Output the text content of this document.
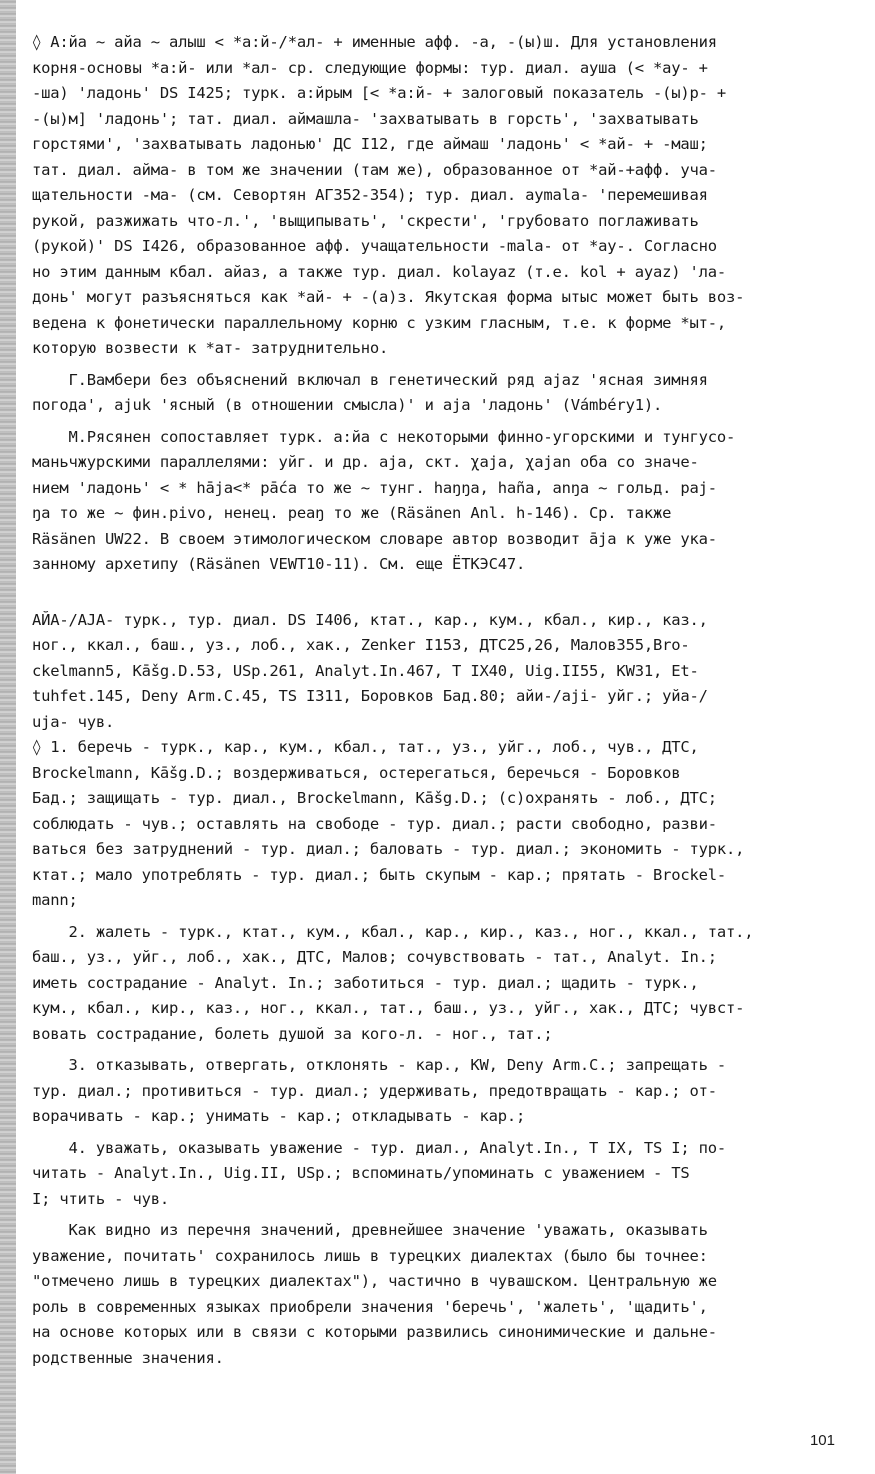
◊ А:йа ~ айа ~ алыш < *а:й-/*ал- + именные афф. -а, -(ы)ш. Для установления
корня-основы *а:й- или *ал- ср. следующие формы: тур. диал. ауша (< *ау- +
-ша) 'ладонь' DS I425; турк. а:йрым [< *а:й- + залоговый показатель -(ы)р- +
-(ы)м] 'ладонь'; тат. диал. аймашла- 'захватывать в горсть', 'захватывать
горстями', 'захватывать ладонью' ДС I12, где аймаш 'ладонь' < *ай- + -маш;
тат. диал. айма- в том же значении (там же), образованное от *ай-+афф. уча-
щательности -ма- (см. Севортян АГ352-354); тур. диал. aymala- 'перемешивая
рукой, разжижать что-л.', 'выщипывать', 'скрести', 'грубовато поглаживать
(рукой)' DS I426, образованное афф. учащательности -mala- от *ay-. Согласно
но этим данным кбал. айаз, а также тур. диал. kolayaz (т.е. kol + ayaz) 'ла-
донь' могут разъясняться как *ай- + -(а)з. Якутская форма ытыс может быть воз-
ведена к фонетически параллельному корню с узким гласным, т.е. к форме *ыт-,
которую возвести к *ат- затруднительно.
Г.Вамбери без объяснений включал в генетический ряд ajaz 'ясная зимняя
погода', ajuk 'ясный (в отношении смысла)' и aja 'ладонь' (Vámbéry1).
М.Рясянен сопоставляет турк. а:йа с некоторыми финно-угорскими и тунгусо-
маньчжурскими параллелями: уйг. и др. aja, скт. χaja, χajan оба со значе-
нием 'ладонь' < * hāja<* pāća то же ~ тунг. haŋŋa, haña, anŋa ~ гольд. paj-
ŋa то же ~ фин.pivo, ненец. peaŋ то же (Räsänen Anl. h-146). Ср. также
Räsänen UW22. В своем этимологическом словаре автор возводит āja к уже ука-
занному архетипу (Räsänen VEWT10-11). См. еще ЁТКЭС47.
АЙА-/AJA- турк., тур. диал. DS I406, ктат., кар., кум., кбал., кир., каз.,
ног., ккал., баш., уз., лоб., хак., Zenker I153, ДТС25,26, Малов355,Bro-
ckelmann5, Kāšg.D.53, USp.261, Analyt.In.467, T IX40, Uig.II55, KW31, Et-
tuhfet.145, Deny Arm.C.45, TS I311, Боровков Бад.80; айи-/aji- уйг.; уйа-/
uja- чув.
◊ 1. беречь - турк., кар., кум., кбал., тат., уз., уйг., лоб., чув., ДТС,
Brockelmann, Kāšg.D.; воздерживаться, остерегаться, беречься - Боровков
Бад.; защищать - тур. диал., Brockelmann, Kāšg.D.; (с)охранять - лоб., ДТС;
соблюдать - чув.; оставлять на свободе - тур. диал.; расти свободно, разви-
ваться без затруднений - тур. диал.; баловать - тур. диал.; экономить - турк.,
ктат.; мало употреблять - тур. диал.; быть скупым - кар.; прятать - Brockel-
mann;
2. жалеть - турк., ктат., кум., кбал., кар., кир., каз., ног., ккал., тат.,
баш., уз., уйг., лоб., хак., ДТС, Малов; сочувствовать - тат., Analyt. In.;
иметь сострадание - Analyt. In.; заботиться - тур. диал.; щадить - турк.,
кум., кбал., кир., каз., ног., ккал., тат., баш., уз., уйг., хак., ДТС; чувст-
вовать сострадание, болеть душой за кого-л. - ног., тат.;
3. отказывать, отвергать, отклонять - кар., KW, Deny Arm.C.; запрещать -
тур. диал.; противиться - тур. диал.; удерживать, предотвращать - кар.; от-
ворачивать - кар.; унимать - кар.; откладывать - кар.;
4. уважать, оказывать уважение - тур. диал., Analyt.In., T IX, TS I; по-
читать - Analyt.In., Uig.II, USp.; вспоминать/упоминать с уважением - TS
I; чтить - чув.
Как видно из перечня значений, древнейшее значение 'уважать, оказывать
уважение, почитать' сохранилось лишь в турецких диалектах (было бы точнее:
"отмечено лишь в турецких диалектах"), частично в чувашском. Центральную же
роль в современных языках приобрели значения 'беречь', 'жалеть', 'щадить',
на основе которых или в связи с которыми развились синонимические и дальне-
родственные значения.
101
